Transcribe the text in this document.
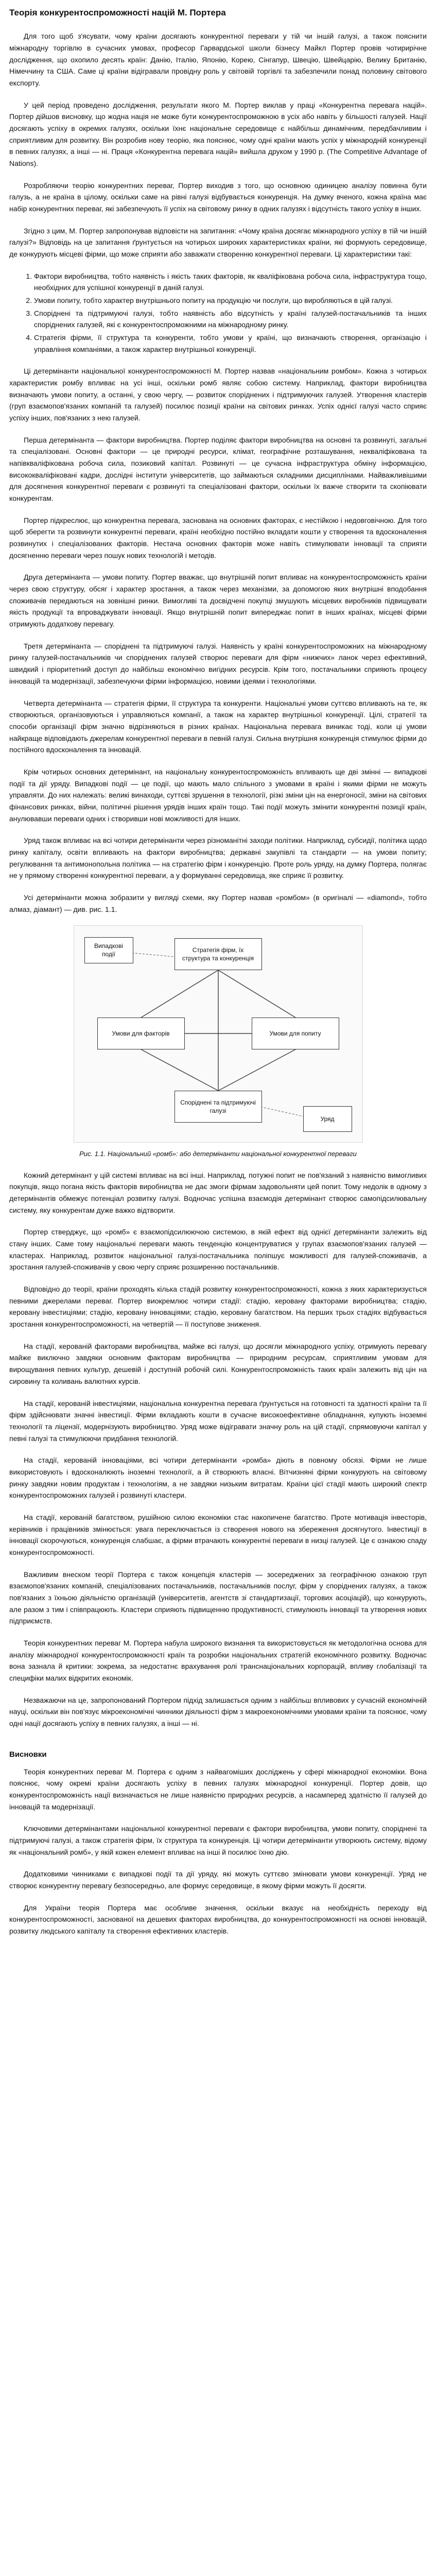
Теорія конкурентоспроможності націй М. Портера

Для того щоб з'ясувати, чому країни досягають конкурентної переваги у тій чи іншій галузі, а також пояснити міжнародну торгівлю в сучасних умовах, професор Гарвардської школи бізнесу Майкл Портер провів чотирирічне дослідження, що охопило десять країн: Данію, Італію, Японію, Корею, Сінгапур, Швецію, Швейцарію, Велику Британію, Німеччину та США. Саме ці країни відігравали провідну роль у світовій торгівлі та забезпечили понад половину світового експорту.

У цей період проведено дослідження, результати якого М. Портер виклав у праці «Конкурентна перевага націй». Портер дійшов висновку, що жодна нація не може бути конкурентоспроможною в усіх або навіть у більшості галузей. Нації досягають успіху в окремих галузях, оскільки їхнє національне середовище є найбільш динамічним, передбачливим і сприятливим для розвитку. Він розробив нову теорію, яка пояснює, чому одні країни мають успіх у міжнародній конкуренції в певних галузях, а інші — ні. Праця «Конкурентна перевага націй» вийшла друком у 1990 р. (The Competitive Advantage of Nations).

Розробляючи теорію конкурентних переваг, Портер виходив з того, що основною одиницею аналізу повинна бути галузь, а не країна в цілому, оскільки саме на рівні галузі відбувається конкуренція. На думку вченого, кожна країна має набір конкурентних переваг, які забезпечують її успіх на світовому ринку в одних галузях і відсутність такого успіху в інших.

Згідно з цим, М. Портер запропонував відповісти на запитання: «Чому країна досягає міжнародного успіху в тій чи іншій галузі?» Відповідь на це запитання ґрунтується на чотирьох широких характеристиках країни, які формують середовище, де конкурують місцеві фірми, що може сприяти або заважати створенню конкурентної переваги. Ці характеристики такі:

1. Фактори виробництва, тобто наявність і якість таких факторів, як кваліфікована робоча сила, інфраструктура тощо, необхідних для успішної конкуренції в даній галузі.
2. Умови попиту, тобто характер внутрішнього попиту на продукцію чи послуги, що виробляються в цій галузі.
3. Споріднені та підтримуючі галузі, тобто наявність або відсутність у країні галузей-постачальників та інших споріднених галузей, які є конкурентоспроможними на міжнародному ринку.
4. Стратегія фірми, її структура та конкуренти, тобто умови у країні, що визначають створення, організацію і управління компаніями, а також характер внутрішньої конкуренції.

Ці детермінанти національної конкурентоспроможності М. Портер назвав «національним ромбом». Кожна з чотирьох характеристик ромбу впливає на усі інші, оскільки ромб являє собою систему. Наприклад, фактори виробництва визначають умови попиту, а останні, у свою чергу, — розвиток споріднених і підтримуючих галузей. Утворення кластерів (груп взаємопов'язаних компаній та галузей) посилює позиції країни на світових ринках. Успіх однієї галузі часто сприяє успіху інших, пов'язаних з нею галузей.

Перша детермінанта — фактори виробництва. Портер поділяє фактори виробництва на основні та розвинуті, загальні та спеціалізовані. Основні фактори — це природні ресурси, клімат, географічне розташування, некваліфікована та напівкваліфікована робоча сила, позиковий капітал. Розвинуті — це сучасна інфраструктура обміну інформацією, висококваліфіковані кадри, дослідні інститути університетів, що займаються складними дисциплінами. Найважливішими для досягнення конкурентної переваги є розвинуті та спеціалізовані фактори, оскільки їх важче створити та скопіювати конкурентам.

Портер підкреслює, що конкурентна перевага, заснована на основних факторах, є нестійкою і недовговічною. Для того щоб зберегти та розвинути конкурентні переваги, країні необхідно постійно вкладати кошти у створення та вдосконалення розвинутих і спеціалізованих факторів. Нестача основних факторів може навіть стимулювати інновації та сприяти досягненню переваги через пошук нових технологій і методів.

Друга детермінанта — умови попиту. Портер вважає, що внутрішній попит впливає на конкурентоспроможність країни через свою структуру, обсяг і характер зростання, а також через механізми, за допомогою яких внутрішні вподобання споживачів передаються на зовнішні ринки. Вимогливі та досвідчені покупці змушують місцевих виробників підвищувати якість продукції та впроваджувати інновації. Якщо внутрішній попит випереджає попит в інших країнах, місцеві фірми отримують додаткову перевагу.

Третя детермінанта — споріднені та підтримуючі галузі. Наявність у країні конкурентоспроможних на міжнародному ринку галузей-постачальників чи споріднених галузей створює переваги для фірм «нижчих» ланок через ефективний, швидкий і пріоритетний доступ до найбільш економічно вигідних ресурсів. Крім того, постачальники сприяють процесу інновацій та модернізації, забезпечуючи фірми інформацією, новими ідеями і технологіями.

Четверта детермінанта — стратегія фірми, її структура та конкуренти. Національні умови суттєво впливають на те, як створюються, організовуються і управляються компанії, а також на характер внутрішньої конкуренції. Цілі, стратегії та способи організації фірм значно відрізняються в різних країнах. Національна перевага виникає тоді, коли ці умови найкраще відповідають джерелам конкурентної переваги в певній галузі. Сильна внутрішня конкуренція стимулює фірми до постійного вдосконалення та інновацій.

Крім чотирьох основних детермінант, на національну конкурентоспроможність впливають ще дві змінні — випадкові події та дії уряду. Випадкові події — це події, що мають мало спільного з умовами в країні і якими фірми не можуть управляти. До них належать: великі винаходи, суттєві зрушення в технології, різкі зміни цін на енергоносії, зміни на світових фінансових ринках, війни, політичні рішення урядів інших країн тощо. Такі події можуть змінити конкурентні позиції країн, анулювавши переваги одних і створивши нові можливості для інших.

Уряд також впливає на всі чотири детермінанти через різноманітні заходи політики. Наприклад, субсидії, політика щодо ринку капіталу, освіти впливають на фактори виробництва; державні закупівлі та стандарти — на умови попиту; регулювання та антимонопольна політика — на стратегію фірм і конкуренцію. Проте роль уряду, на думку Портера, полягає не у прямому створенні конкурентної переваги, а у формуванні середовища, яке сприяє її розвитку.

Усі детермінанти можна зобразити у вигляді схеми, яку Портер назвав «ромбом» (в оригіналі — «diamond», тобто алмаз, діамант) — див. рис. 1.1.

Випадкові події
Стратегія фірм, їх структура та конкуренція
Умови для факторів	Умови для попиту
Споріднені та підтримуючі галузі
Уряд
Рис. 1.1. Національний «ромб»: або детермінанти національної конкурентної переваги

Кожний детермінант у цій системі впливає на всі інші. Наприклад, потужні попит не пов'язаний з наявністю вимогливих покупців, якщо погана якість факторів виробництва не дає змоги фірмам задовольняти цей попит. Тому недолік в одному з детермінантів обмежує потенціал розвитку галузі. Водночас успішна взаємодія детермінант створює самопідсилювальну систему, яку конкурентам дуже важко відтворити.

Портер стверджує, що «ромб» є взаємопідсилюючою системою, в якій ефект від однієї детермінанти залежить від стану інших. Саме тому національні переваги мають тенденцію концентруватися у групах взаємопов'язаних галузей — кластерах. Наприклад, розвиток національної галузі-постачальника поліпшує можливості для галузей-споживачів, а зростання галузей-споживачів у свою чергу сприяє розширенню постачальників.

Відповідно до теорії, країни проходять кілька стадій розвитку конкурентоспроможності, кожна з яких характеризується певними джерелами переваг. Портер виокремлює чотири стадії: стадію, керовану факторами виробництва; стадію, керовану інвестиціями; стадію, керовану інноваціями; стадію, керовану багатством. На перших трьох стадіях відбувається зростання конкурентоспроможності, на четвертій — її поступове зниження.

На стадії, керованій факторами виробництва, майже всі галузі, що досягли міжнародного успіху, отримують перевагу майже виключно завдяки основним факторам виробництва — природним ресурсам, сприятливим умовам для вирощування певних культур, дешевій і доступній робочій силі. Конкурентоспроможність таких країн залежить від цін на сировину та коливань валютних курсів.

На стадії, керованій інвестиціями, національна конкурентна перевага ґрунтується на готовності та здатності країни та її фірм здійснювати значні інвестиції. Фірми вкладають кошти в сучасне високоефективне обладнання, купують іноземні технології та ліцензії, модернізують виробництво. Уряд може відігравати значну роль на цій стадії, спрямовуючи капітал у певні галузі та стимулюючи придбання технологій.

На стадії, керованій інноваціями, всі чотири детермінанти «ромба» діють в повному обсязі. Фірми не лише використовують і вдосконалюють іноземні технології, а й створюють власні. Вітчизняні фірми конкурують на світовому ринку завдяки новим продуктам і технологіям, а не завдяки низьким витратам. Країни цієї стадії мають широкий спектр конкурентоспроможних галузей і розвинуті кластери.

На стадії, керованій багатством, рушійною силою економіки стає накопичене багатство. Проте мотивація інвесторів, керівників і працівників змінюється: увага переключається із створення нового на збереження досягнутого. Інвестиції в інновації скорочуються, конкуренція слабшає, а фірми втрачають конкурентні переваги в низці галузей. Це є ознакою спаду конкурентоспроможності.

Важливим внеском теорії Портера є також концепція кластерів — зосереджених за географічною ознакою груп взаємопов'язаних компаній, спеціалізованих постачальників, постачальників послуг, фірм у споріднених галузях, а також пов'язаних з їхньою діяльністю організацій (університетів, агентств зі стандартизації, торгових асоціацій), що конкурують, але разом з тим і співпрацюють. Кластери сприяють підвищенню продуктивності, стимулюють інновації та утворення нових підприємств.

Теорія конкурентних переваг М. Портера набула широкого визнання та використовується як методологічна основа для аналізу міжнародної конкурентоспроможності країн та розробки національних стратегій економічного розвитку. Водночас вона зазнала й критики: зокрема, за недостатнє врахування ролі транснаціональних корпорацій, впливу глобалізації та специфіки малих відкритих економік.

Незважаючи на це, запропонований Портером підхід залишається одним з найбільш впливових у сучасній економічній науці, оскільки він пов'язує мікроекономічні чинники діяльності фірм з макроекономічними умовами країни та пояснює, чому одні нації досягають успіху в певних галузях, а інші — ні.

Висновки

Теорія конкурентних переваг М. Портера є одним з найвагоміших досліджень у сфері міжнародної економіки. Вона пояснює, чому окремі країни досягають успіху в певних галузях міжнародної конкуренції. Портер довів, що конкурентоспроможність нації визначається не лише наявністю природних ресурсів, а насамперед здатністю її галузей до інновацій та модернізації.

Ключовими детермінантами національної конкурентної переваги є фактори виробництва, умови попиту, споріднені та підтримуючі галузі, а також стратегія фірм, їх структура та конкуренція. Ці чотири детермінанти утворюють систему, відому як «національний ромб», у якій кожен елемент впливає на інші й посилює їхню дію.

Додатковими чинниками є випадкові події та дії уряду, які можуть суттєво змінювати умови конкуренції. Уряд не створює конкурентну перевагу безпосередньо, але формує середовище, в якому фірми можуть її досягти.

Для України теорія Портера має особливе значення, оскільки вказує на необхідність переходу від конкурентоспроможності, заснованої на дешевих факторах виробництва, до конкурентоспроможності на основі інновацій, розвитку людського капіталу та створення ефективних кластерів.
